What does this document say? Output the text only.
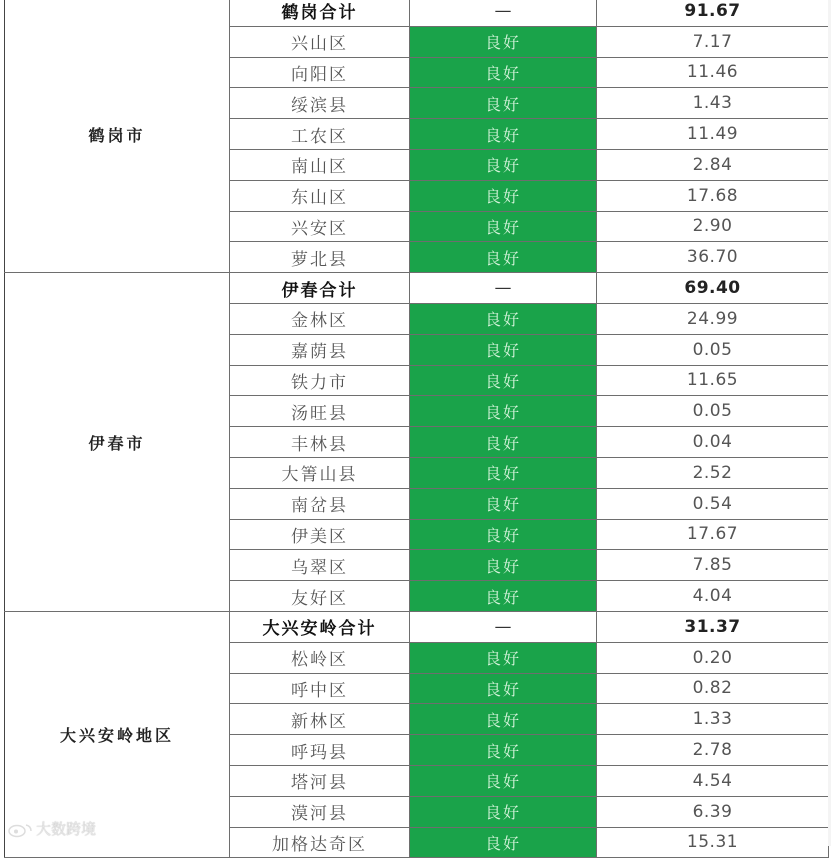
鹤岗市	鹤岗合计	—	91.67
	兴山区	良好	7.17
	向阳区	良好	11.46
	绥滨县	良好	1.43
	工农区	良好	11.49
	南山区	良好	2.84
	东山区	良好	17.68
	兴安区	良好	2.90
	萝北县	良好	36.70
伊春市	伊春合计	—	69.40
	金林区	良好	24.99
	嘉荫县	良好	0.05
	铁力市	良好	11.65
	汤旺县	良好	0.05
	丰林县	良好	0.04
	大箐山县	良好	2.52
	南岔县	良好	0.54
	伊美区	良好	17.67
	乌翠区	良好	7.85
	友好区	良好	4.04
大兴安岭地区	大兴安岭合计	—	31.37
	松岭区	良好	0.20
	呼中区	良好	0.82
	新林区	良好	1.33
	呼玛县	良好	2.78
	塔河县	良好	4.54
	漠河县	良好	6.39
	加格达奇区	良好	15.31
大数跨境
